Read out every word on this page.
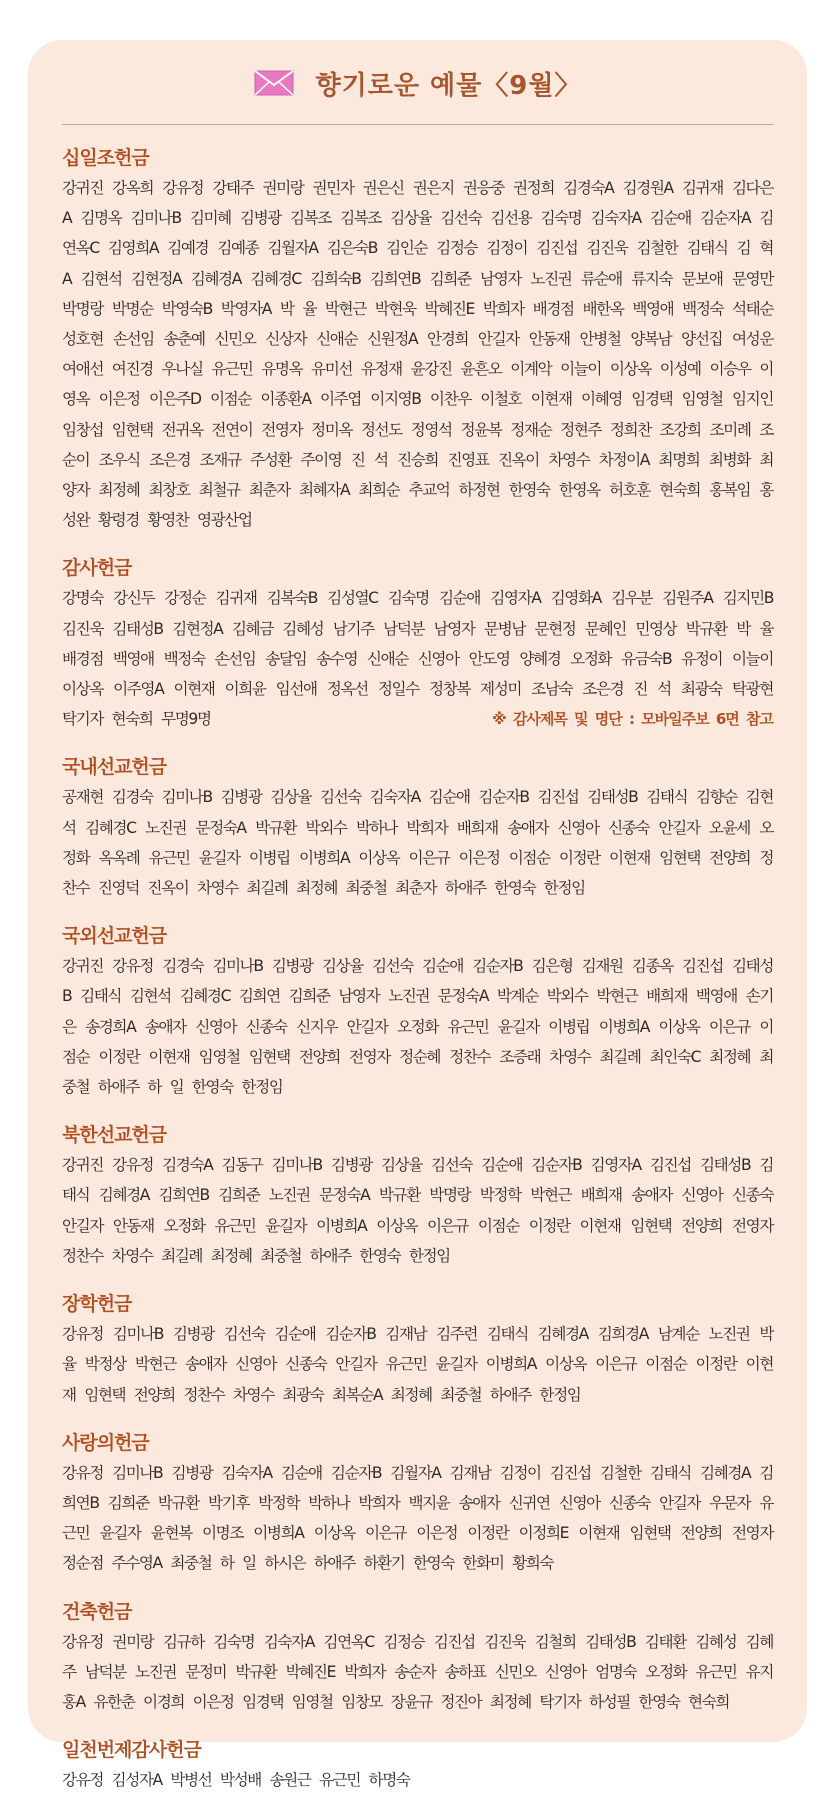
향기로운 예물〈9월〉
십일조헌금
강귀진 강옥희 강유정 강태주 권미랑 권민자 권은신 권은지 권응중 권정희 김경숙A 김경원A 김귀재 김다은A 김명옥 김미나B 김미혜 김병광 김복조 김복조 김상율 김선숙 김선용 김숙명 김숙자A 김순애 김순자A 김연옥C 김영희A 김예경 김예종 김월자A 김은숙B 김인순 김정승 김정이 김진섭 김진욱 김철한 김태식 김 혁A 김현석 김현정A 김혜경A 김혜경C 김희숙B 김희연B 김희준 남영자 노진권 류순애 류지숙 문보애 문영만 박명랑 박명순 박영숙B 박영자A 박 율 박현근 박현욱 박혜진E 박희자 배경점 배한옥 백영애 백정숙 석태순 성호현 손선임 송춘예 신민오 신상자 신애순 신원정A 안경희 안길자 안동재 안병철 양복남 양선집 여성운 여애선 여진경 우나실 유근민 유명옥 유미선 유정재 윤강진 윤흔오 이계악 이늘이 이상옥 이성예 이승우 이영옥 이은정 이은주D 이점순 이종환A 이주엽 이지영B 이찬우 이철호 이현재 이혜영 임경택 임영철 임지인 임창섭 임현택 전귀옥 전연이 전영자 정미옥 정선도 정영석 정윤복 정재순 정현주 정희찬 조강희 조미례 조순이 조우식 조은경 조재규 주성환 주이영 진 석 진승희 진영표 진옥이 차영수 차정이A 최명희 최병화 최양자 최정혜 최창호 최철규 최춘자 최혜자A 최희순 추교억 하정현 한영숙 한영옥 허호훈 현숙희 홍복임 홍성완 황령경 황영찬 영광산업
감사헌금
강명숙 강신두 강정순 김귀재 김복숙B 김성열C 김숙명 김순애 김영자A 김영화A 김우분 김원주A 김지민B 김진욱 김태성B 김현정A 김혜금 김혜성 남기주 남덕분 남영자 문병남 문현정 문혜인 민영상 박규환 박 율 배경점 백영애 백정숙 손선임 송달임 송수영 신애순 신영아 안도영 양혜경 오정화 유금숙B 유정이 이늘이 이상옥 이주영A 이현재 이희윤 임선애 정옥선 정일수 정창복 제성미 조남숙 조은경 진 석 최광숙 탁광현 탁기자 현숙희 무명9명	※ 감사제목 및 명단 : 모바일주보 6면 참고
국내선교헌금
공재현 김경숙 김미나B 김병광 김상율 김선숙 김숙자A 김순애 김순자B 김진섭 김태성B 김태식 김향순 김현석 김혜경C 노진권 문정숙A 박규환 박외수 박하나 박희자 배희재 송애자 신영아 신종숙 안길자 오윤세 오정화 옥옥례 유근민 윤길자 이병립 이병희A 이상옥 이은규 이은정 이점순 이정란 이현재 임현택 전양희 정찬수 진영덕 진옥이 차영수 최길례 최정혜 최중철 최춘자 하애주 한영숙 한정임
국외선교헌금
강귀진 강유정 김경숙 김미나B 김병광 김상율 김선숙 김순애 김순자B 김은형 김재원 김종옥 김진섭 김태성B 김태식 김현석 김혜경C 김희연 김희준 남영자 노진권 문정숙A 박계순 박외수 박현근 배희재 백영애 손기은 송경희A 송애자 신영아 신종숙 신지우 안길자 오정화 유근민 윤길자 이병립 이병희A 이상옥 이은규 이점순 이정란 이현재 임영철 임현택 전양희 전영자 정순혜 정찬수 조증래 차영수 최길례 최인숙C 최정혜 최중철 하애주 하 일 한영숙 한정임
북한선교헌금
강귀진 강유정 김경숙A 김동구 김미나B 김병광 김상율 김선숙 김순애 김순자B 김영자A 김진섭 김태성B 김태식 김혜경A 김희연B 김희준 노진권 문정숙A 박규환 박명랑 박정학 박현근 배희재 송애자 신영아 신종숙 안길자 안동재 오정화 유근민 윤길자 이병희A 이상옥 이은규 이점순 이정란 이현재 임현택 전양희 전영자 정찬수 차영수 최길례 최정혜 최중철 하애주 한영숙 한정임
장학헌금
강유정 김미나B 김병광 김선숙 김순애 김순자B 김재남 김주련 김태식 김혜경A 김희경A 남계순 노진권 박 율 박정상 박현근 송애자 신영아 신종숙 안길자 유근민 윤길자 이병희A 이상옥 이은규 이점순 이정란 이현재 임현택 전양희 정찬수 차영수 최광숙 최복순A 최정혜 최중철 하애주 한정임
사랑의헌금
강유정 김미나B 김병광 김숙자A 김순애 김순자B 김월자A 김재남 김정이 김진섭 김철한 김태식 김혜경A 김희연B 김희준 박규환 박기후 박정학 박하나 박희자 백지윤 송애자 신귀연 신영아 신종숙 안길자 우문자 유근민 윤길자 윤현복 이명조 이병희A 이상옥 이은규 이은정 이정란 이정희E 이현재 임현택 전양희 전영자 정순점 주수영A 최중철 하 일 하시은 하애주 하환기 한영숙 한화미 황희숙
건축헌금
강유정 권미랑 김규하 김숙명 김숙자A 김연옥C 김정승 김진섭 김진욱 김철희 김태성B 김태환 김혜성 김혜주 남덕분 노진권 문정미 박규환 박혜진E 박희자 송순자 송하표 신민오 신영아 엄명숙 오정화 유근민 유지홍A 유한춘 이경희 이은정 임경택 임영철 임창모 장윤규 정진아 최정혜 탁기자 하성필 한영숙 현숙희
일천번제감사헌금
강유정 김성자A 박병선 박성배 송원근 유근민 하명숙
